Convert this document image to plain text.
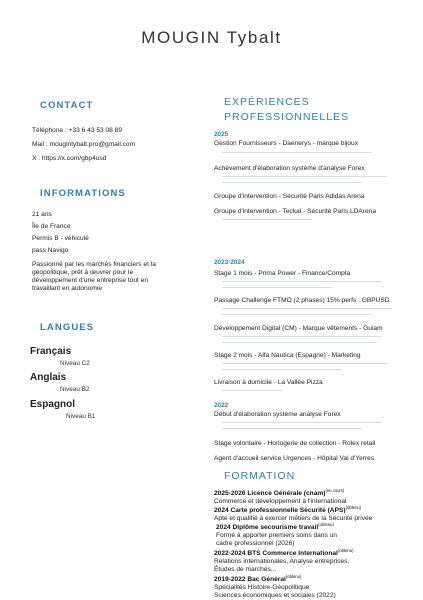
MOUGIN Tybalt
CONTACT
Téléphone : +33 6 43 53 08 89
Mail : mougintybalt.pro@gmail.com
X : https://x.com/gbp4usd
INFORMATIONS
21 ans
Île de France
Permis B - véhiculé
pass Navigo
Passionné par les marchés financiers et la
géopolitique, prêt à œuvrer pour le
développement d'une entreprise tout en
travaillant en autonomie
LANGUES
Français
Niveau C2
Anglais
Niveau B2
Espagnol
Niveau B1
EXPÉRIENCES
PROFESSIONNELLES
2025
Gestion Fournisseurs - Daenerys - marque bijoux
Achèvement d'élaboration système d'analyse Forex
Groupe d'intervention - Sécurité Paris Adidas Arena
Groupe d'intervention - Teckal - Sécurité Paris LDArena
2023-2024
Stage 1 mois - Prima Power - Finance/Compta
Passage Challenge FTMO (2 phases) 15% perfs : GBPUSD
Développement Digital (CM) - Marque vêtements - Guiam
Stage 2 mois - Alfa Nautica (Espagne) - Marketing
Livraison à domicile - La Vallée Pizza
2022
Début d'élaboration système analyse Forex
Stage volontaire - Horlogerie de collection - Rolex retail
Agent d'accueil service Urgences - Hôpital Val d'Yerres
FORMATION
2025-2026 Licence Générale (cnam)$^{(en cours)}$
Commerce et développement à l'international
2024 Carte professionnelle Sécurité (APS)$^{(obtenu)}$
Apte et qualifié à exercer métiers de la Sécurité privée
2024 Diplôme secourisme travail$^{(obtenu)}$
Formé à apporter premiers soins dans un
cadre professionnel (2026)
2022-2024 BTS Commerce International$^{(obtenu)}$
Relations internationales, Analyse entreprises,
Études de marchés...
2019-2022 Bac Général$^{(obtenu)}$
Spécialités Histoire-Géopolitique
Sciences économiques et sociales (2022)
